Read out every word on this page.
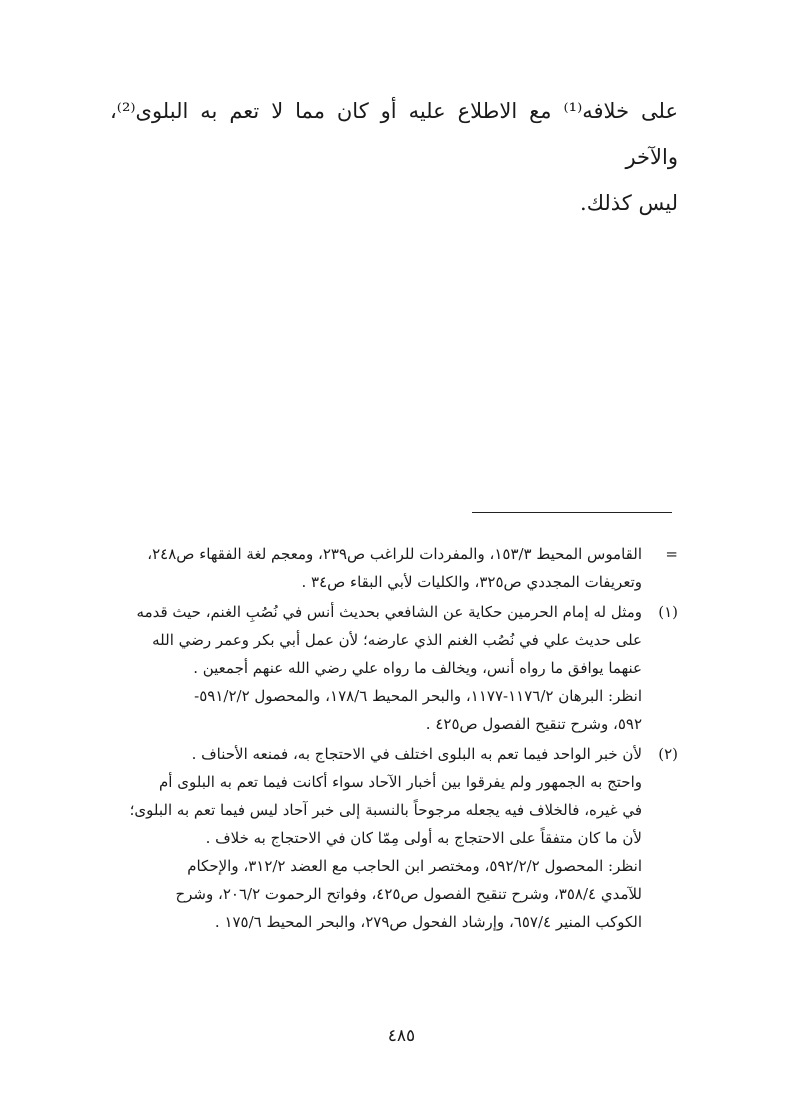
على خلافه⁽¹⁾ مع الاطلاع عليه أو كان مما لا تعم به البلوى⁽²⁾، والآخر

ليس كذلك.

=
القاموس المحيط ١٥٣/٣، والمفردات للراغب ص٢٣٩، ومعجم لغة الفقهاء ص٢٤٨،
وتعريفات المجددي ص٣٢٥، والكليات لأبي البقاء ص٣٤ .
(١)
ومثل له إمام الحرمين حكاية عن الشافعي بحديث أنس في نُصُبِ الغنم، حيث قدمه
على حديث علي في نُصُب الغنم الذي عارضه؛ لأن عمل أبي بكر وعمر رضي الله
عنهما يوافق ما رواه أنس، ويخالف ما رواه علي رضي الله عنهم أجمعين .
انظر: البرهان ١١٧٦/٢-١١٧٧، والبحر المحيط ١٧٨/٦، والمحصول ٥٩١/٢/٢-
٥٩٢، وشرح تنقيح الفصول ص٤٢٥ .
(٢)
لأن خبر الواحد فيما تعم به البلوى اختلف في الاحتجاج به، فمنعه الأحناف .
واحتج به الجمهور ولم يفرقوا بين أخبار الآحاد سواء أكانت فيما تعم به البلوى أم
في غيره، فالخلاف فيه يجعله مرجوحاً بالنسبة إلى خبر آحاد ليس فيما تعم به البلوى؛
لأن ما كان متفقاً على الاحتجاج به أولى مِمّا كان في الاحتجاج به خلاف .
انظر: المحصول ٥٩٢/٢/٢، ومختصر ابن الحاجب مع العضد ٣١٢/٢، والإحكام
للآمدي ٣٥٨/٤، وشرح تنقيح الفصول ص٤٢٥، وفواتح الرحموت ٢٠٦/٢، وشرح
الكوكب المنير ٦٥٧/٤، وإرشاد الفحول ص٢٧٩، والبحر المحيط ١٧٥/٦ .
٤٨٥
